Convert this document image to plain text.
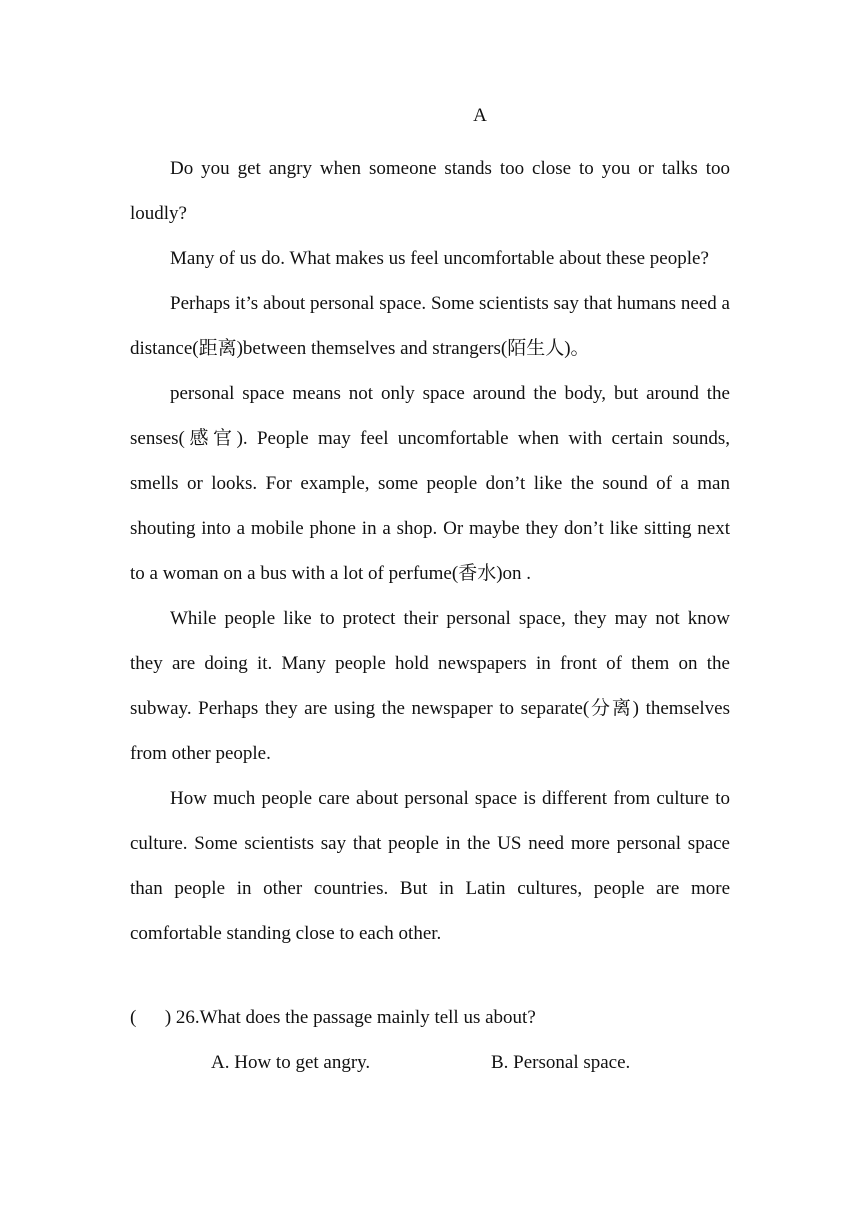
A

Do you get angry when someone stands too close to you or talks too loudly?

Many of us do. What makes us feel uncomfortable about these people?

Perhaps it’s about personal space. Some scientists say that humans need a distance(距离)between themselves and strangers(陌生人)。

personal space means not only space around the body, but around the senses(感官). People may feel uncomfortable when with certain sounds, smells or looks. For example, some people don’t like the sound of a man shouting into a mobile phone in a shop. Or maybe they don’t like sitting next to a woman on a bus with a lot of perfume(香水)on .

While people like to protect their personal space, they may not know they are doing it. Many people hold newspapers in front of them on the subway. Perhaps they are using the newspaper to separate(分离) themselves from other people.

How much people care about personal space is different from culture to culture. Some scientists say that people in the US need more personal space than people in other countries. But in Latin cultures, people are more comfortable standing close to each other.

(      ) 26.What does the passage mainly tell us about?
A. How to get angry.	B. Personal space.
